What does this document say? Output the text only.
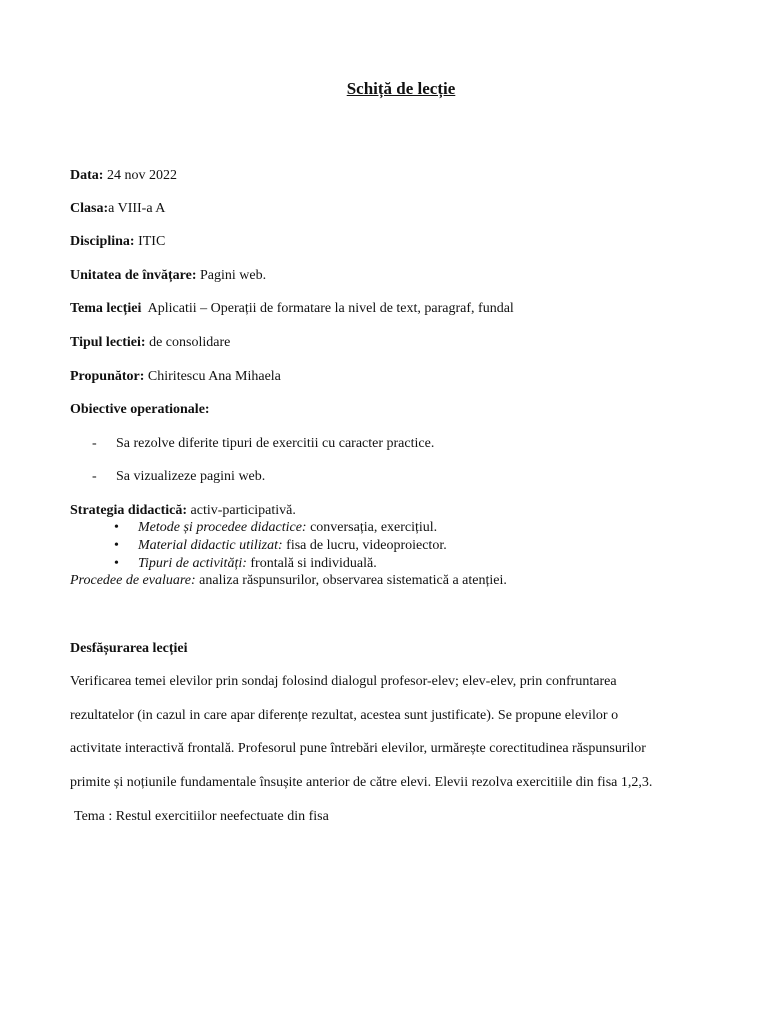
Schiță de lecție
Data: 24 nov 2022
Clasa:a VIII-a A
Disciplina: ITIC
Unitatea de învățare: Pagini web.
Tema lecției  Aplicatii – Operații de formatare la nivel de text, paragraf, fundal
Tipul lectiei: de consolidare
Propunător: Chiritescu Ana Mihaela
Obiective operationale:
- Sa rezolve diferite tipuri de exercitii cu caracter practice.
- Sa vizualizeze pagini web.
Strategia didactică: activ-participativă.
• Metode și procedee didactice: conversația, exercițiul.
• Material didactic utilizat: fisa de lucru, videoproiector.
• Tipuri de activități: frontală si individuală.
Procedee de evaluare: analiza răspunsurilor, observarea sistematică a atenției.
Desfășurarea lecției
Verificarea temei elevilor prin sondaj folosind dialogul profesor-elev; elev-elev, prin confruntarea
rezultatelor (in cazul in care apar diferențe rezultat, acestea sunt justificate). Se propune elevilor o
activitate interactivă frontală. Profesorul pune întrebări elevilor, urmărește corectitudinea răspunsurilor
primite și noțiunile fundamentale însușite anterior de către elevi. Elevii rezolva exercitiile din fisa 1,2,3.
Tema : Restul exercitiilor neefectuate din fisa
